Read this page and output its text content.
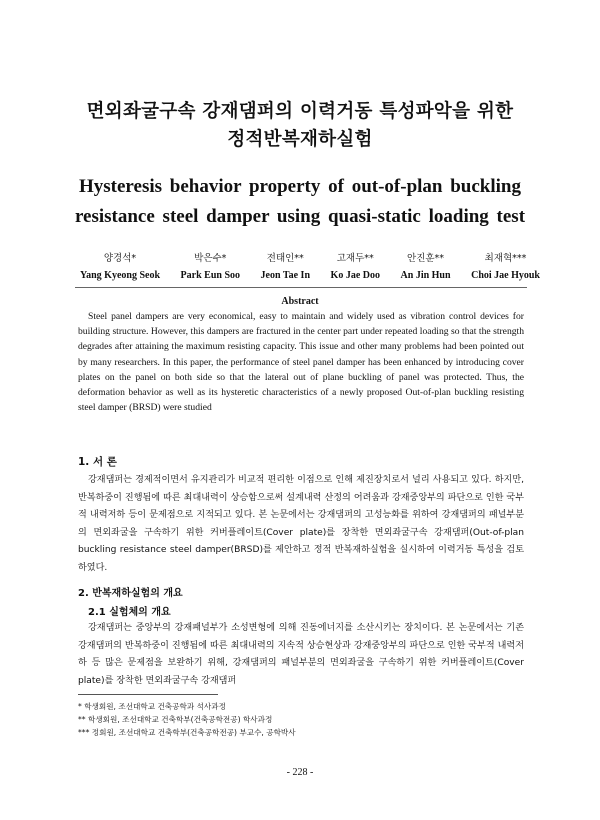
면외좌굴구속 강재댐퍼의 이력거동 특성파악을 위한
정적반복재하실험
Hysteresis behavior property of out-of-plan buckling
resistance steel damper using quasi-static loading test
양경석*
Yang Kyeong Seok
박은수*
Park Eun Soo
전태인**
Jeon Tae In
고재두**
Ko Jae Doo
안진훈**
An Jin Hun
최재혁***
Choi Jae Hyouk
Abstract

Steel panel dampers are very economical, easy to maintain and widely used as vibration control devices for building structure. However, this dampers are fractured in the center part under repeated loading so that the strength degrades after attaining the maximum resisting capacity. This issue and other many problems had been pointed out by many researchers. In this paper, the performance of steel panel damper has been enhanced by introducing cover plates on the panel on both side so that the lateral out of plane buckling of panel was protected. Thus, the deformation behavior as well as its hysteretic characteristics of a newly proposed Out-of-plan buckling resisting steel damper (BRSD) were studied

1. 서 론

강재댐퍼는 경제적이면서 유지관리가 비교적 편리한 이점으로 인해 제진장치로서 널리 사용되고 있다. 하지만, 반복하중이 진행됨에 따른 최대내력이 상승함으로써 설계내력 산정의 어려움과 강재중앙부의 파단으로 인한 국부적 내력저하 등이 문제점으로 지적되고 있다. 본 논문에서는 강재댐퍼의 고성능화를 위하여 강재댐퍼의 패널부분의 면외좌굴을 구속하기 위한 커버플레이트(Cover plate)를 장착한 면외좌굴구속 강재댐퍼(Out-of-plan buckling resistance steel damper(BRSD)를 제안하고 정적 반복재하실험을 실시하여 이력거동 특성을 검토하였다.

2. 반복재하실험의 개요
2.1 실험체의 개요

강재댐퍼는 중앙부의 강재패널부가 소성변형에 의해 진동에너지를 소산시키는 장치이다. 본 논문에서는 기존 강재댐퍼의 반복하중이 진행됨에 따른 최대내력의 지속적 상승현상과 강재중앙부의 파단으로 인한 국부적 내력저하 등 많은 문제점을 보완하기 위해, 강재댐퍼의 패널부분의 면외좌굴을 구속하기 위한 커버플레이트(Cover plate)를 장착한 면외좌굴구속 강재댐퍼

* 학생회원, 조선대학교 건축공학과 석사과정
** 학생회원, 조선대학교 건축학부(건축공학전공) 학사과정
*** 정회원, 조선대학교 건축학부(건축공학전공) 부교수, 공학박사
- 228 -
